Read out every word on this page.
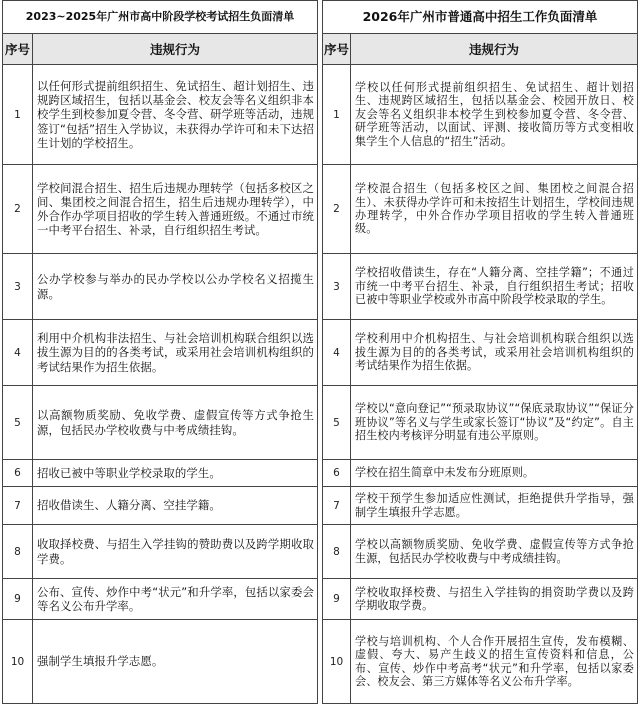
2023~2025年广州市高中阶段学校考试招生负面清单	
序号	违规行为
1	以任何形式提前组织招生、免试招生、超计划招生、违规跨区域招生，包括以基金会、校友会等名义组织非本校学生到校参加夏令营、冬令营、研学班等活动，违规签订“包括”招生入学协议，未获得办学许可和未下达招生计划的学校招生。
2	学校间混合招生、招生后违规办理转学（包括多校区之间、集团校之间混合招生，招生后违规办理转学），中外合作办学项目招收的学生转入普通班级。不通过市统一中考平台招生、补录，自行组织招生考试。
3	公办学校参与举办的民办学校以公办学校名义招揽生源。
4	利用中介机构非法招生、与社会培训机构联合组织以选拔生源为目的的各类考试，或采用社会培训机构组织的考试结果作为招生依据。
5	以高额物质奖励、免收学费、虚假宣传等方式争抢生源，包括民办学校收费与中考成绩挂钩。
6	招收已被中等职业学校录取的学生。
7	招收借读生、人籍分离、空挂学籍。
8	收取择校费、与招生入学挂钩的赞助费以及跨学期收取学费。
9	公布、宣传、炒作中考“状元”和升学率，包括以家委会等名义公布升学率。
10	强制学生填报升学志愿。
2026年广州市普通高中招生工作负面清单	
序号	违规行为
1	学校以任何形式提前组织招生、免试招生、超计划招生、违规跨区域招生，包括以基金会、校园开放日、校友会等名义组织非本校学生到校参加夏令营、冬令营、研学班等活动，以面试、评测、接收简历等方式变相收集学生个人信息的“招生”活动。
2	学校混合招生（包括多校区之间、集团校之间混合招生）、未获得办学许可和未按招生计划招生，学校间违规办理转学，中外合作办学项目招收的学生转入普通班级。
3	学校招收借读生，存在“人籍分离、空挂学籍”；不通过市统一中考平台招生、补录，自行组织招生考试；招收已被中等职业学校或外市高中阶段学校录取的学生。
4	学校利用中介机构招生、与社会培训机构联合组织以选拔生源为目的的各类考试，或采用社会培训机构组织的考试结果作为招生依据。
5	学校以“意向登记”“预录取协议”“保底录取协议”“保证分班协议”等名义与学生或家长签订“协议”及“约定”。自主招生校内考核评分明显有违公平原则。
6	学校在招生简章中未发布分班原则。
7	学校干预学生参加适应性测试，拒绝提供升学指导，强制学生填报升学志愿。
8	学校以高额物质奖励、免收学费、虚假宣传等方式争抢生源，包括民办学校收费与中考成绩挂钩。
9	学校收取择校费、与招生入学挂钩的捐资助学费以及跨学期收取学费。
10	学校与培训机构、个人合作开展招生宣传，发布模糊、虚假、夸大、易产生歧义的招生宣传资料和信息，公布、宣传、炒作中考高考“状元”和升学率，包括以家委会、校友会、第三方媒体等名义公布升学率。
